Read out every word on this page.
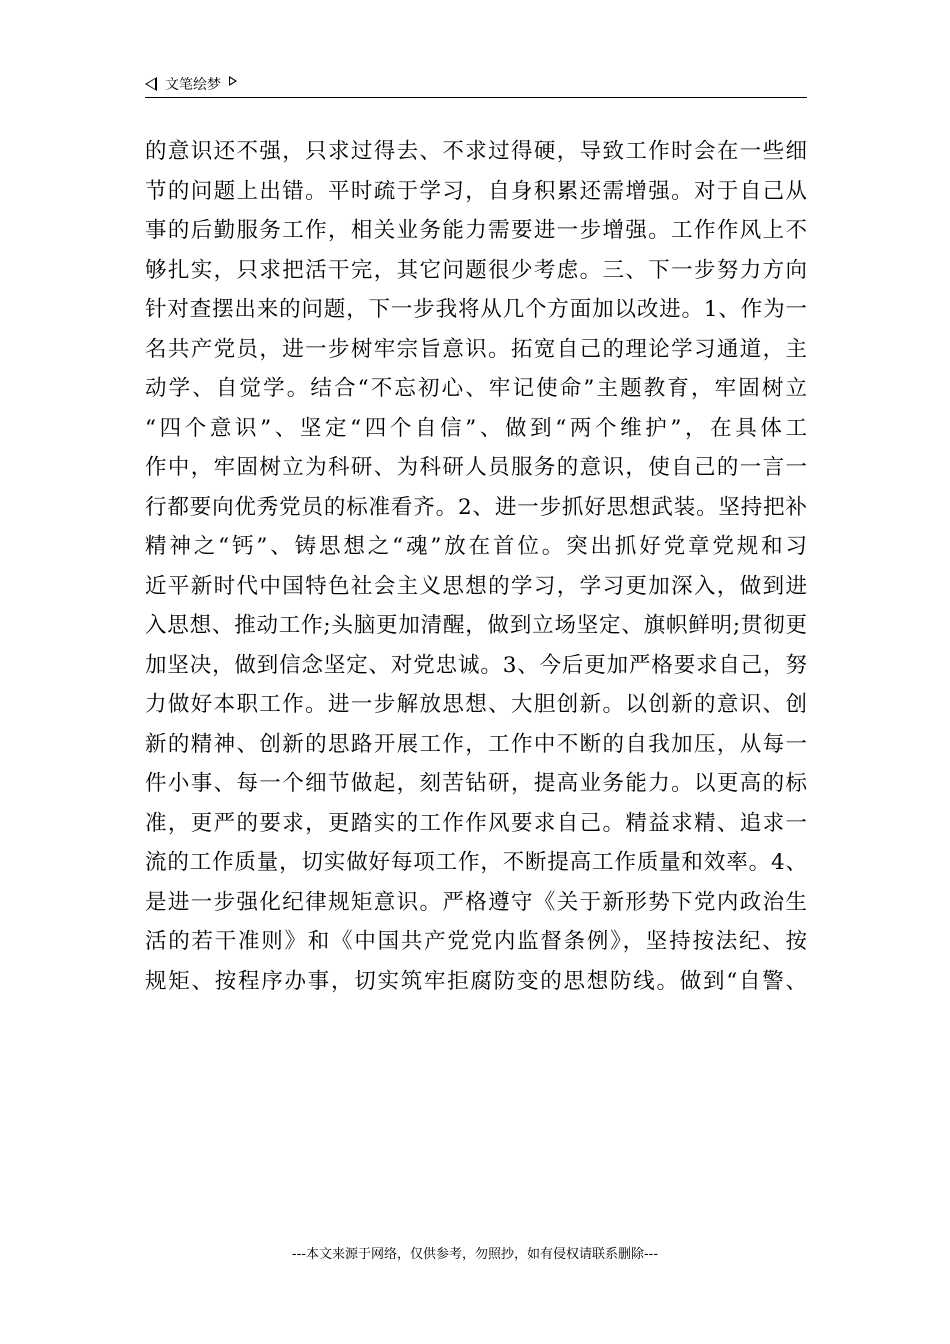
文笔绘梦
的意识还不强，只求过得去、不求过得硬，导致工作时会在一些细
节的问题上出错。平时疏于学习，自身积累还需增强。对于自己从
事的后勤服务工作，相关业务能力需要进一步增强。工作作风上不
够扎实，只求把活干完，其它问题很少考虑。三、下一步努力方向
针对查摆出来的问题，下一步我将从几个方面加以改进。1、作为一
名共产党员，进一步树牢宗旨意识。拓宽自己的理论学习通道，主
动学、自觉学。结合“不忘初心、牢记使命”主题教育，牢固树立
“四个意识”、坚定“四个自信”、做到“两个维护”，在具体工
作中，牢固树立为科研、为科研人员服务的意识，使自己的一言一
行都要向优秀党员的标准看齐。2、进一步抓好思想武装。坚持把补
精神之“钙”、铸思想之“魂”放在首位。突出抓好党章党规和习
近平新时代中国特色社会主义思想的学习，学习更加深入，做到进
入思想、推动工作;头脑更加清醒，做到立场坚定、旗帜鲜明;贯彻更
加坚决，做到信念坚定、对党忠诚。3、今后更加严格要求自己，努
力做好本职工作。进一步解放思想、大胆创新。以创新的意识、创
新的精神、创新的思路开展工作，工作中不断的自我加压，从每一
件小事、每一个细节做起，刻苦钻研，提高业务能力。以更高的标
准，更严的要求，更踏实的工作作风要求自己。精益求精、追求一
流的工作质量，切实做好每项工作，不断提高工作质量和效率。4、
是进一步强化纪律规矩意识。严格遵守《关于新形势下党内政治生
活的若干准则》和《中国共产党党内监督条例》，坚持按法纪、按
规矩、按程序办事，切实筑牢拒腐防变的思想防线。做到“自警、
---本文来源于网络，仅供参考，勿照抄，如有侵权请联系删除---
